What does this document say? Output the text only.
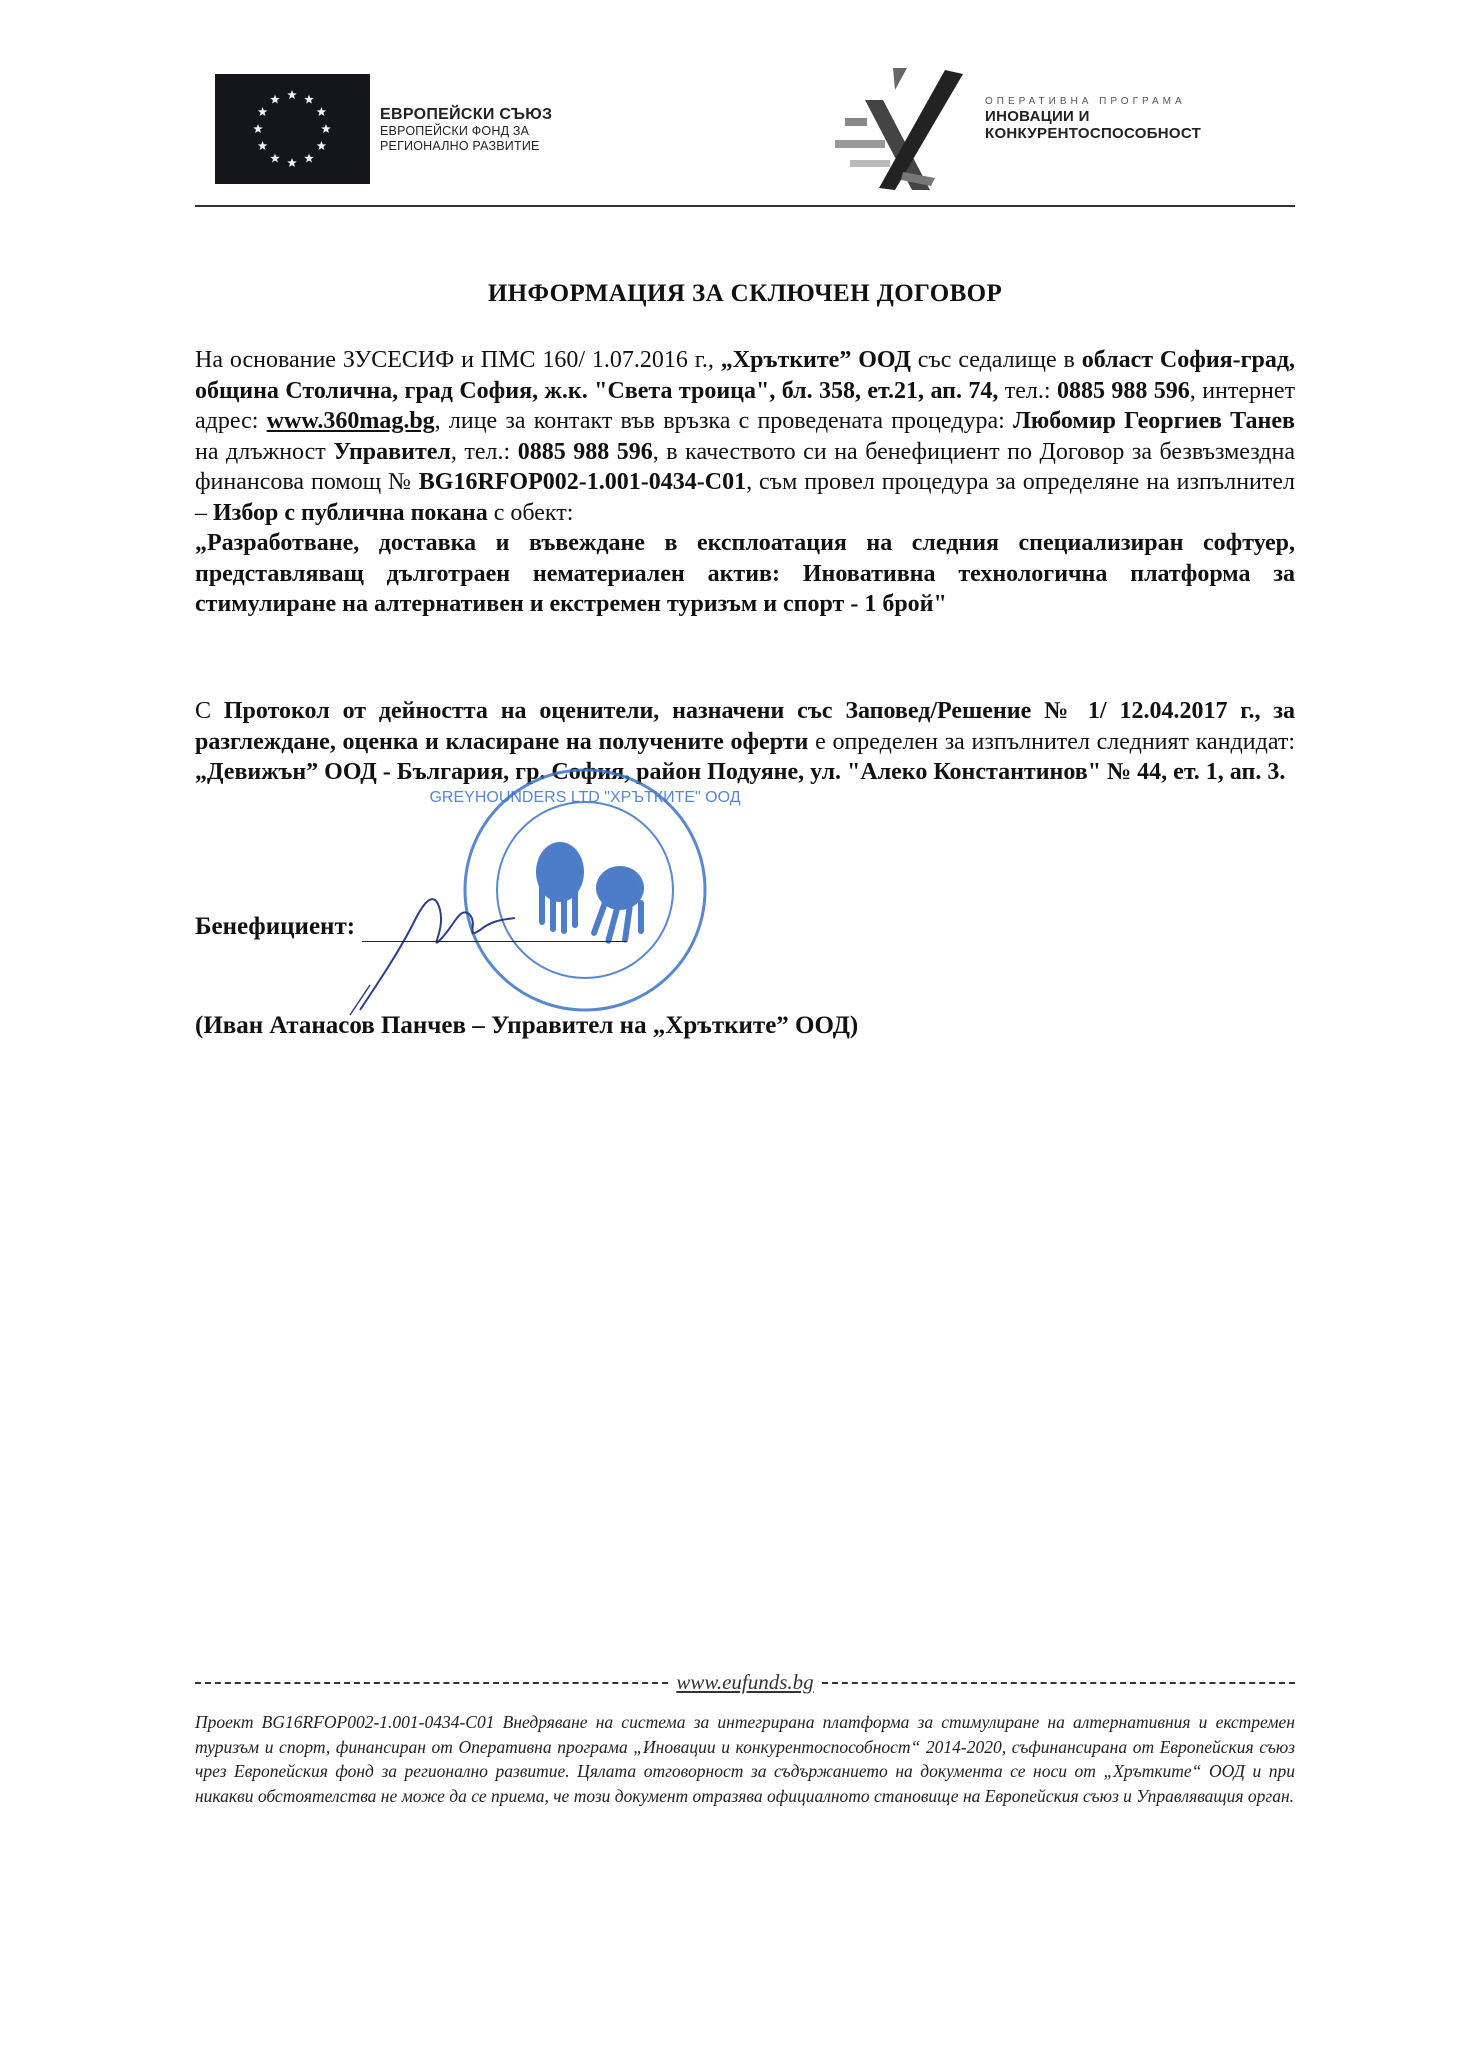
ЕВРОПЕЙСКИ СЪЮЗ
ЕВРОПЕЙСКИ ФОНД ЗА
РЕГИОНАЛНО РАЗВИТИЕ
ОПЕРАТИВНА ПРОГРАМА
ИНОВАЦИИ И
КОНКУРЕНТОСПОСОБНОСТ
ИНФОРМАЦИЯ ЗА СКЛЮЧЕН ДОГОВОР
На основание ЗУСЕСИФ и ПМС 160/ 1.07.2016 г., „Хрътките” ООД със седалище в област София-град, община Столична, град София, ж.к. "Света троица", бл. 358, ет.21, ап. 74, тел.: 0885 988 596, интернет адрес: www.360mag.bg, лице за контакт във връзка с проведената процедура: Любомир Георгиев Танев на длъжност Управител, тел.: 0885 988 596, в качеството си на бенефициент по Договор за безвъзмездна финансова помощ № BG16RFOP002-1.001-0434-C01, съм провел процедура за определяне на изпълнител – Избор с публична покана с обект:
„Разработване, доставка и въвеждане в експлоатация на следния специализиран софтуер, представляващ дълготраен нематериален актив: Иновативна технологична платформа за стимулиране на алтернативен и екстремен туризъм и спорт - 1 брой"
С Протокол от дейността на оценители, назначени със Заповед/Решение № 1/ 12.04.2017 г., за разглеждане, оценка и класиране на получените оферти е определен за изпълнител следният кандидат: „Девижън” ООД - България, гр. София, район Подуяне, ул. "Алеко Константинов" № 44, ет. 1, ап. 3.
GREYHOUNDERS LTD "ХРЪТКИТЕ" ООД
Бенефициент:
(Иван Атанасов Панчев – Управител на „Хрътките” ООД)
www.eufunds.bg
Проект BG16RFOP002-1.001-0434-C01 Внедряване на система за интегрирана платформа за стимулиране на алтернативния и екстремен туризъм и спорт, финансиран от Оперативна програма „Иновации и конкурентоспособност“ 2014-2020, съфинансирана от Европейския съюз чрез Европейския фонд за регионално развитие. Цялата отговорност за съдържанието на документа се носи от „Хрътките“ ООД и при никакви обстоятелства не може да се приема, че този документ отразява официалното становище на Европейския съюз и Управляващия орган.
